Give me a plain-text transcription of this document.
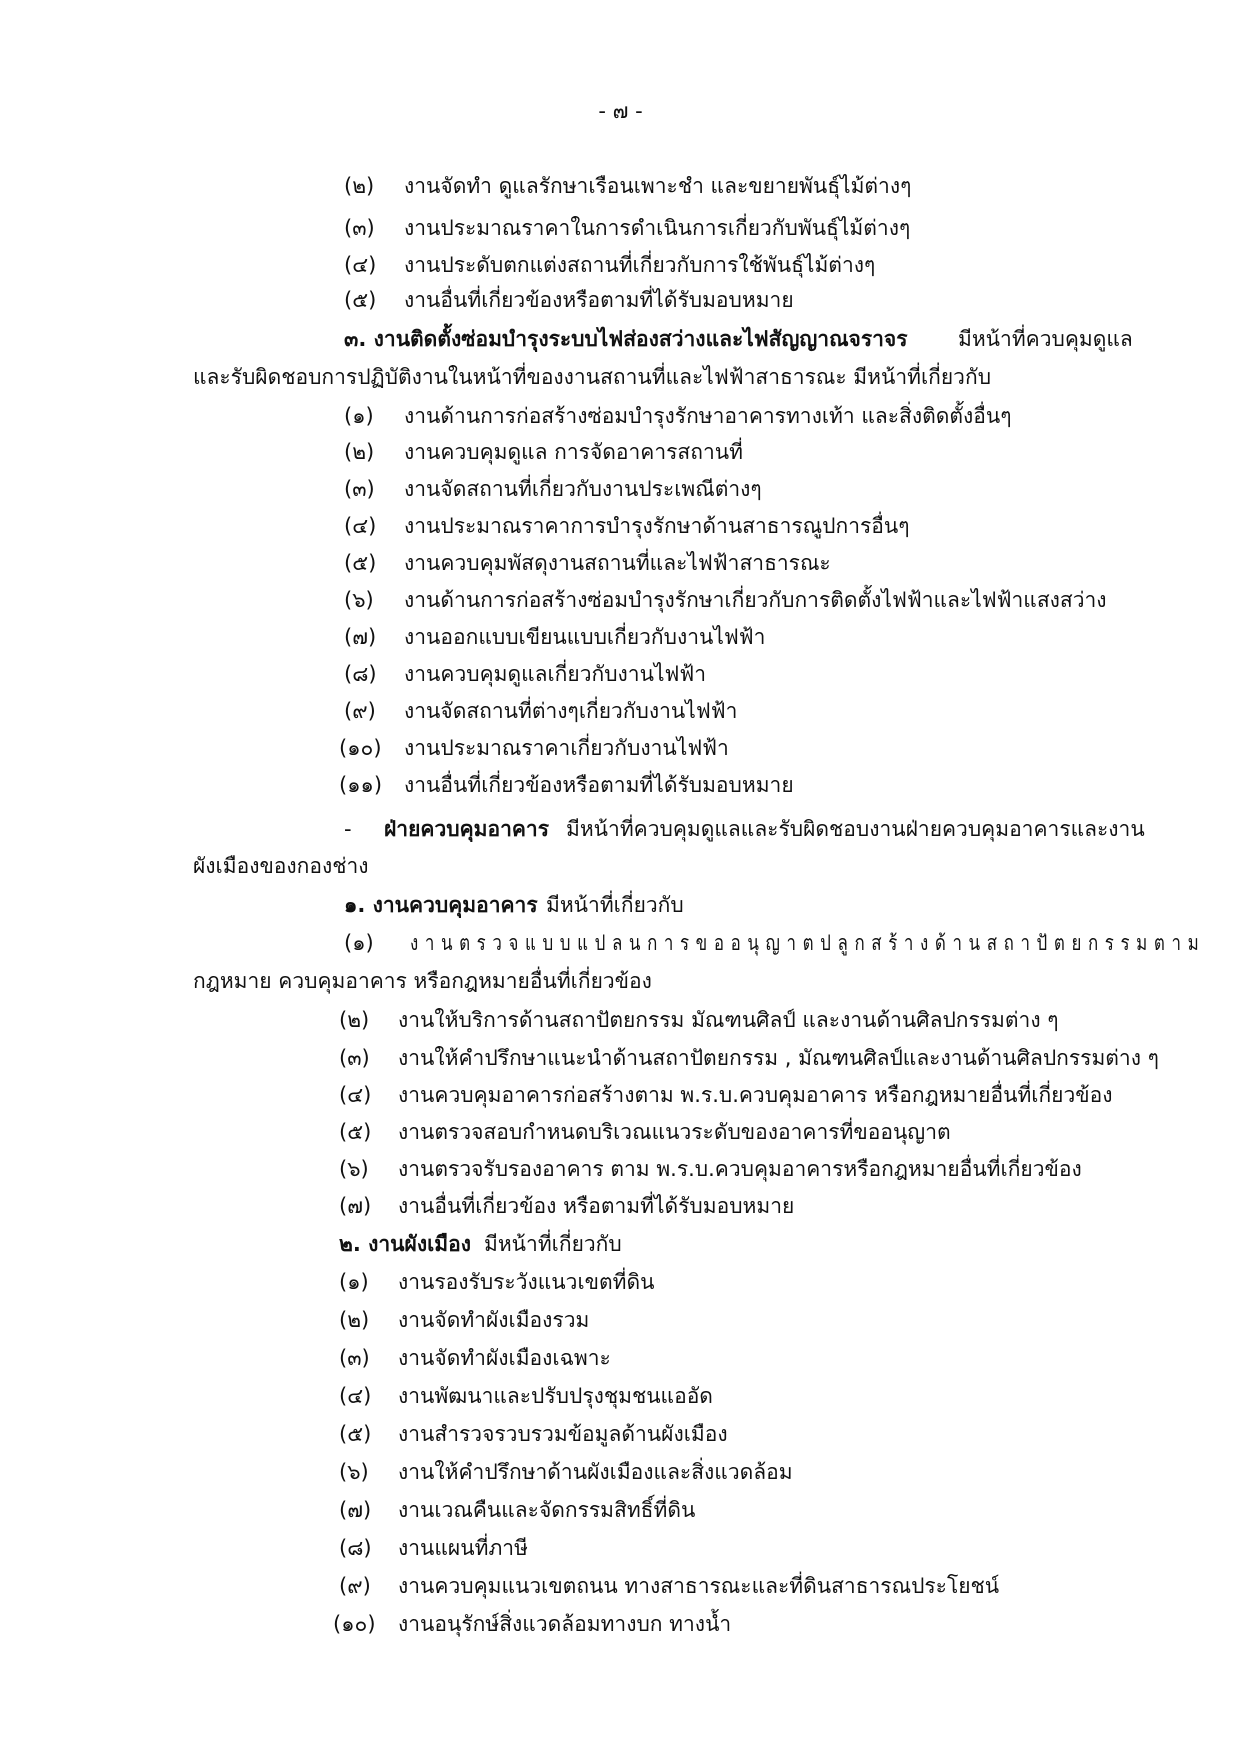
- ๗ -
(๒) งานจัดทำ ดูแลรักษาเรือนเพาะชำ และขยายพันธุ์ไม้ต่างๆ
(๓) งานประมาณราคาในการดำเนินการเกี่ยวกับพันธุ์ไม้ต่างๆ
(๔) งานประดับตกแต่งสถานที่เกี่ยวกับการใช้พันธุ์ไม้ต่างๆ
(๕) งานอื่นที่เกี่ยวข้องหรือตามที่ได้รับมอบหมาย
๓. งานติดตั้งซ่อมบำรุงระบบไฟส่องสว่างและไฟสัญญาณจราจร มีหน้าที่ควบคุมดูแล
และรับผิดชอบการปฏิบัติงานในหน้าที่ของงานสถานที่และไฟฟ้าสาธารณะ มีหน้าที่เกี่ยวกับ
(๑) งานด้านการก่อสร้างซ่อมบำรุงรักษาอาคารทางเท้า และสิ่งติดตั้งอื่นๆ
(๒) งานควบคุมดูแล การจัดอาคารสถานที่
(๓) งานจัดสถานที่เกี่ยวกับงานประเพณีต่างๆ
(๔) งานประมาณราคาการบำรุงรักษาด้านสาธารณูปการอื่นๆ
(๕) งานควบคุมพัสดุงานสถานที่และไฟฟ้าสาธารณะ
(๖) งานด้านการก่อสร้างซ่อมบำรุงรักษาเกี่ยวกับการติดตั้งไฟฟ้าและไฟฟ้าแสงสว่าง
(๗) งานออกแบบเขียนแบบเกี่ยวกับงานไฟฟ้า
(๘) งานควบคุมดูแลเกี่ยวกับงานไฟฟ้า
(๙) งานจัดสถานที่ต่างๆเกี่ยวกับงานไฟฟ้า
(๑๐) งานประมาณราคาเกี่ยวกับงานไฟฟ้า
(๑๑) งานอื่นที่เกี่ยวข้องหรือตามที่ได้รับมอบหมาย
- ฝ่ายควบคุมอาคาร มีหน้าที่ควบคุมดูแลและรับผิดชอบงานฝ่ายควบคุมอาคารและงาน
ผังเมืองของกองช่าง
๑. งานควบคุมอาคาร มีหน้าที่เกี่ยวกับ
(๑) งานตรวจแบบแปลนการขออนุญาตปลูกสร้างด้านสถาปัตยกรรมตาม
กฎหมาย ควบคุมอาคาร หรือกฎหมายอื่นที่เกี่ยวข้อง
(๒) งานให้บริการด้านสถาปัตยกรรม มัณฑนศิลป์ และงานด้านศิลปกรรมต่าง ๆ
(๓) งานให้คำปรึกษาแนะนำด้านสถาปัตยกรรม , มัณฑนศิลป์และงานด้านศิลปกรรมต่าง ๆ
(๔) งานควบคุมอาคารก่อสร้างตาม พ.ร.บ.ควบคุมอาคาร หรือกฎหมายอื่นที่เกี่ยวข้อง
(๕) งานตรวจสอบกำหนดบริเวณแนวระดับของอาคารที่ขออนุญาต
(๖) งานตรวจรับรองอาคาร ตาม พ.ร.บ.ควบคุมอาคารหรือกฎหมายอื่นที่เกี่ยวข้อง
(๗) งานอื่นที่เกี่ยวข้อง หรือตามที่ได้รับมอบหมาย
๒. งานผังเมือง มีหน้าที่เกี่ยวกับ
(๑) งานรองรับระวังแนวเขตที่ดิน
(๒) งานจัดทำผังเมืองรวม
(๓) งานจัดทำผังเมืองเฉพาะ
(๔) งานพัฒนาและปรับปรุงชุมชนแออัด
(๕) งานสำรวจรวบรวมข้อมูลด้านผังเมือง
(๖) งานให้คำปรึกษาด้านผังเมืองและสิ่งแวดล้อม
(๗) งานเวณคืนและจัดกรรมสิทธิ์ที่ดิน
(๘) งานแผนที่ภาษี
(๙) งานควบคุมแนวเขตถนน ทางสาธารณะและที่ดินสาธารณประโยชน์
(๑๐) งานอนุรักษ์สิ่งแวดล้อมทางบก ทางน้ำ
